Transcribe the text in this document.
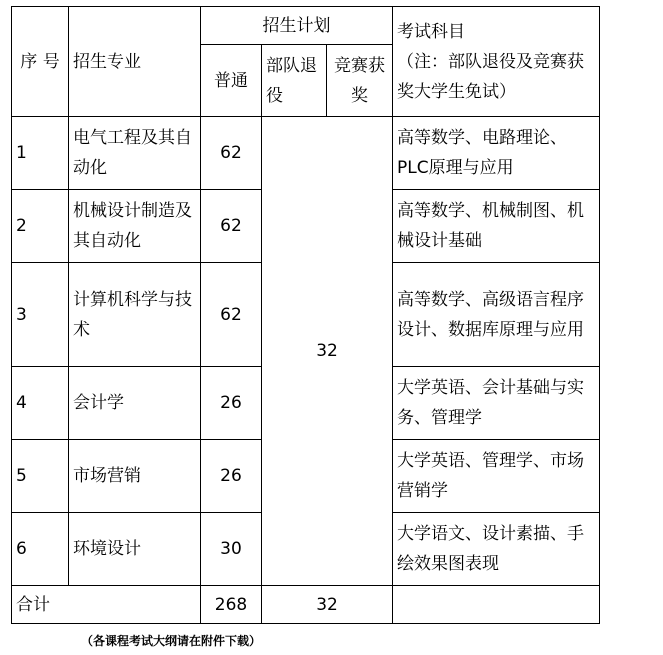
序 号	招生专业	招生计划			考试科目
（注：部队退役及竞赛获奖大学生免试）

		普通	部队退役	竞赛获奖	
1	电气工程及其自动化	62	32		高等数学、电路理论、PLC原理与应用
2	机械设计制造及其自动化	62			高等数学、机械制图、机械设计基础
3	计算机科学与技术	62			高等数学、高级语言程序设计、数据库原理与应用
4	会计学	26			大学英语、会计基础与实务、管理学
5	市场营销	26			大学英语、管理学、市场营销学
6	环境设计	30			大学语文、设计素描、手绘效果图表现
合计		268	32		
（各课程考试大纲请在附件下载）
